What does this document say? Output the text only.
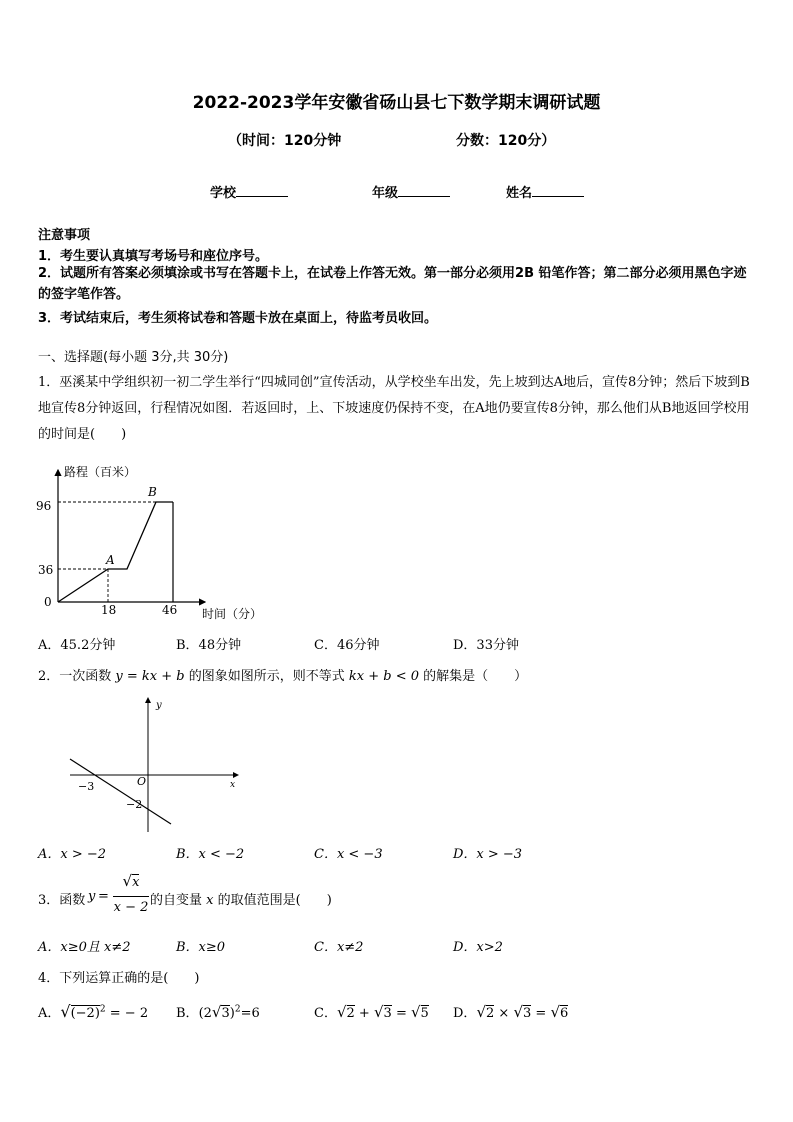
2022-2023学年安徽省砀山县七下数学期末调研试题
（时间：120分钟	分数：120分）
学校	年级	姓名
注意事项
1．考生要认真填写考场号和座位序号。
2．试题所有答案必须填涂或书写在答题卡上，在试卷上作答无效。第一部分必须用2B 铅笔作答；第二部分必须用黑色字迹的签字笔作答。
3．考试结束后，考生须将试卷和答题卡放在桌面上，待监考员收回。
一、选择题(每小题 3分,共 30分)
1．巫溪某中学组织初一初二学生举行“四城同创”宣传活动，从学校坐车出发，先上坡到达A地后，宣传8分钟；然后下坡到B地宣传8分钟返回，行程情况如图．若返回时，上、下坡速度仍保持不变，在A地仍要宣传8分钟，那么他们从B地返回学校用的时间是(　　)
路程（百米）
时间（分）
0
96
36
18	46
A
B
A．45.2分钟	B．48分钟	C．46分钟	D．33分钟
2．一次函数 y = kx + b 的图象如图所示，则不等式 kx + b < 0 的解集是（　　）
y
x
O
−3
−2
A．x > −2	B．x < −2	C．x < −3	D．x > −3
3．函数 y =
√x
x − 2 的自变量 x 的取值范围是(　　)
A．x≥0且 x≠2	B．x≥0	C．x≠2	D．x>2
4．下列运算正确的是(　　)
A．$√(-2)^2$ = − 2 B．$(2√3)^2=6$	C．√2 + √3 = √5 D．√2 × √3 = √6
